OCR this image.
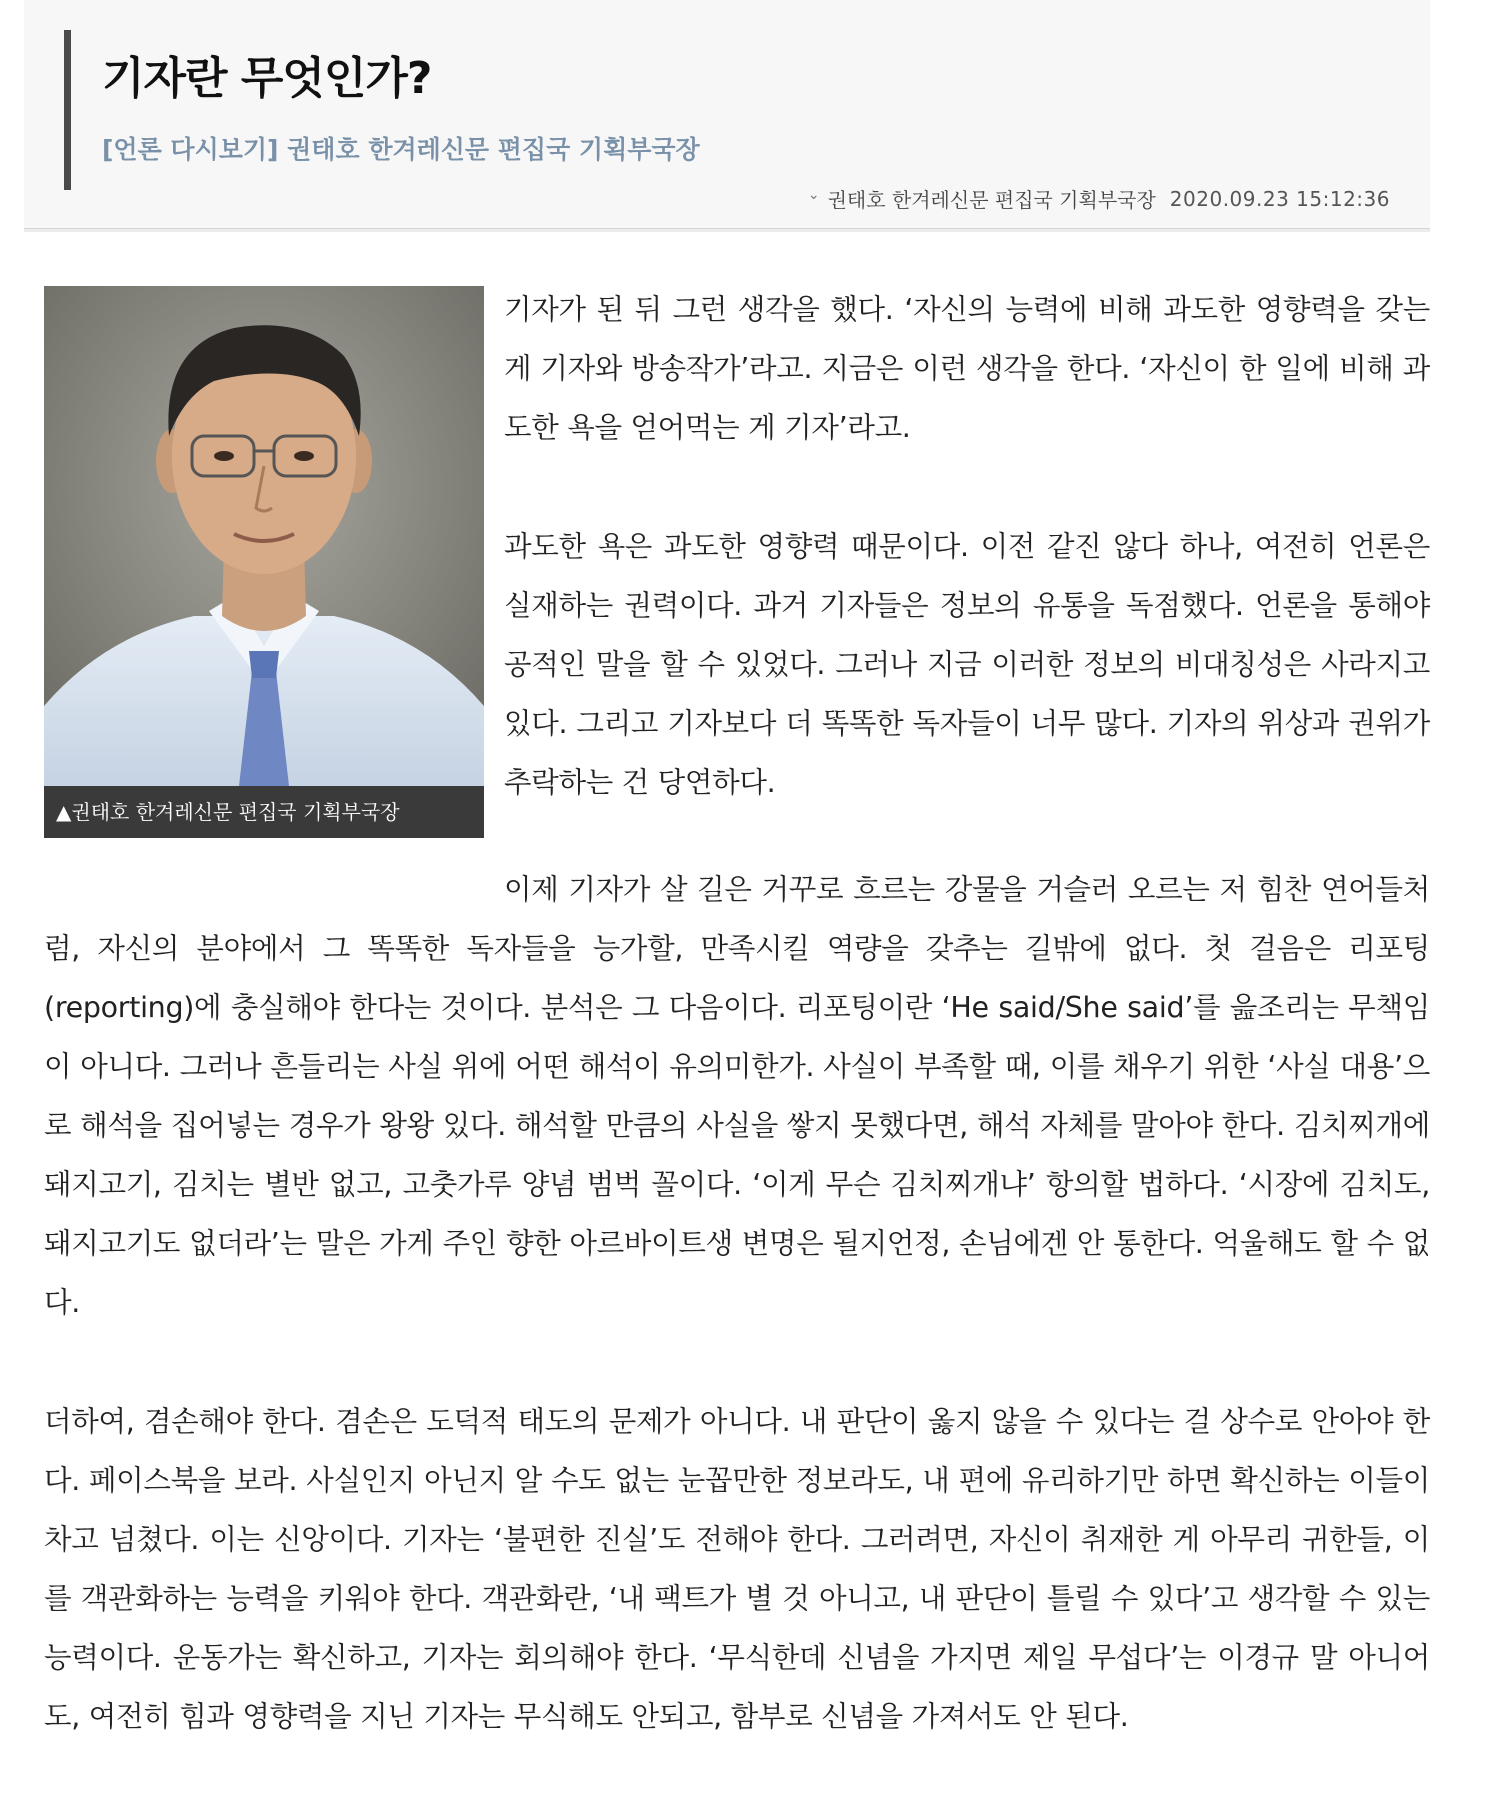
기자란 무엇인가?
[언론 다시보기] 권태호 한겨레신문 편집국 기획부국장
⌄ 권태호 한겨레신문 편집국 기획부국장 2020.09.23 15:12:36
▲권태호 한겨레신문 편집국 기획부국장

기자가 된 뒤 그런 생각을 했다. ‘자신의 능력에 비해 과도한 영향력을 갖는 게 기자와 방송작가’라고. 지금은 이런 생각을 한다. ‘자신이 한 일에 비해 과도한 욕을 얻어먹는 게 기자’라고.

과도한 욕은 과도한 영향력 때문이다. 이전 같진 않다 하나, 여전히 언론은 실재하는 권력이다. 과거 기자들은 정보의 유통을 독점했다. 언론을 통해야 공적인 말을 할 수 있었다. 그러나 지금 이러한 정보의 비대칭성은 사라지고 있다. 그리고 기자보다 더 똑똑한 독자들이 너무 많다. 기자의 위상과 권위가 추락하는 건 당연하다.

이제 기자가 살 길은 거꾸로 흐르는 강물을 거슬러 오르는 저 힘찬 연어들처럼, 자신의 분야에서 그 똑똑한 독자들을 능가할, 만족시킬 역량을 갖추는 길밖에 없다. 첫 걸음은 리포팅(reporting)에 충실해야 한다는 것이다. 분석은 그 다음이다. 리포팅이란 ‘He said/She said’를 읊조리는 무책임이 아니다. 그러나 흔들리는 사실 위에 어떤 해석이 유의미한가. 사실이 부족할 때, 이를 채우기 위한 ‘사실 대용’으로 해석을 집어넣는 경우가 왕왕 있다. 해석할 만큼의 사실을 쌓지 못했다면, 해석 자체를 말아야 한다. 김치찌개에 돼지고기, 김치는 별반 없고, 고춧가루 양념 범벅 꼴이다. ‘이게 무슨 김치찌개냐’ 항의할 법하다. ‘시장에 김치도, 돼지고기도 없더라’는 말은 가게 주인 향한 아르바이트생 변명은 될지언정, 손님에겐 안 통한다. 억울해도 할 수 없다.

더하여, 겸손해야 한다. 겸손은 도덕적 태도의 문제가 아니다. 내 판단이 옳지 않을 수 있다는 걸 상수로 안아야 한다. 페이스북을 보라. 사실인지 아닌지 알 수도 없는 눈꼽만한 정보라도, 내 편에 유리하기만 하면 확신하는 이들이 차고 넘쳤다. 이는 신앙이다. 기자는 ‘불편한 진실’도 전해야 한다. 그러려면, 자신이 취재한 게 아무리 귀한들, 이를 객관화하는 능력을 키워야 한다. 객관화란, ‘내 팩트가 별 것 아니고, 내 판단이 틀릴 수 있다’고 생각할 수 있는 능력이다. 운동가는 확신하고, 기자는 회의해야 한다. ‘무식한데 신념을 가지면 제일 무섭다’는 이경규 말 아니어도, 여전히 힘과 영향력을 지닌 기자는 무식해도 안되고, 함부로 신념을 가져서도 안 된다.
